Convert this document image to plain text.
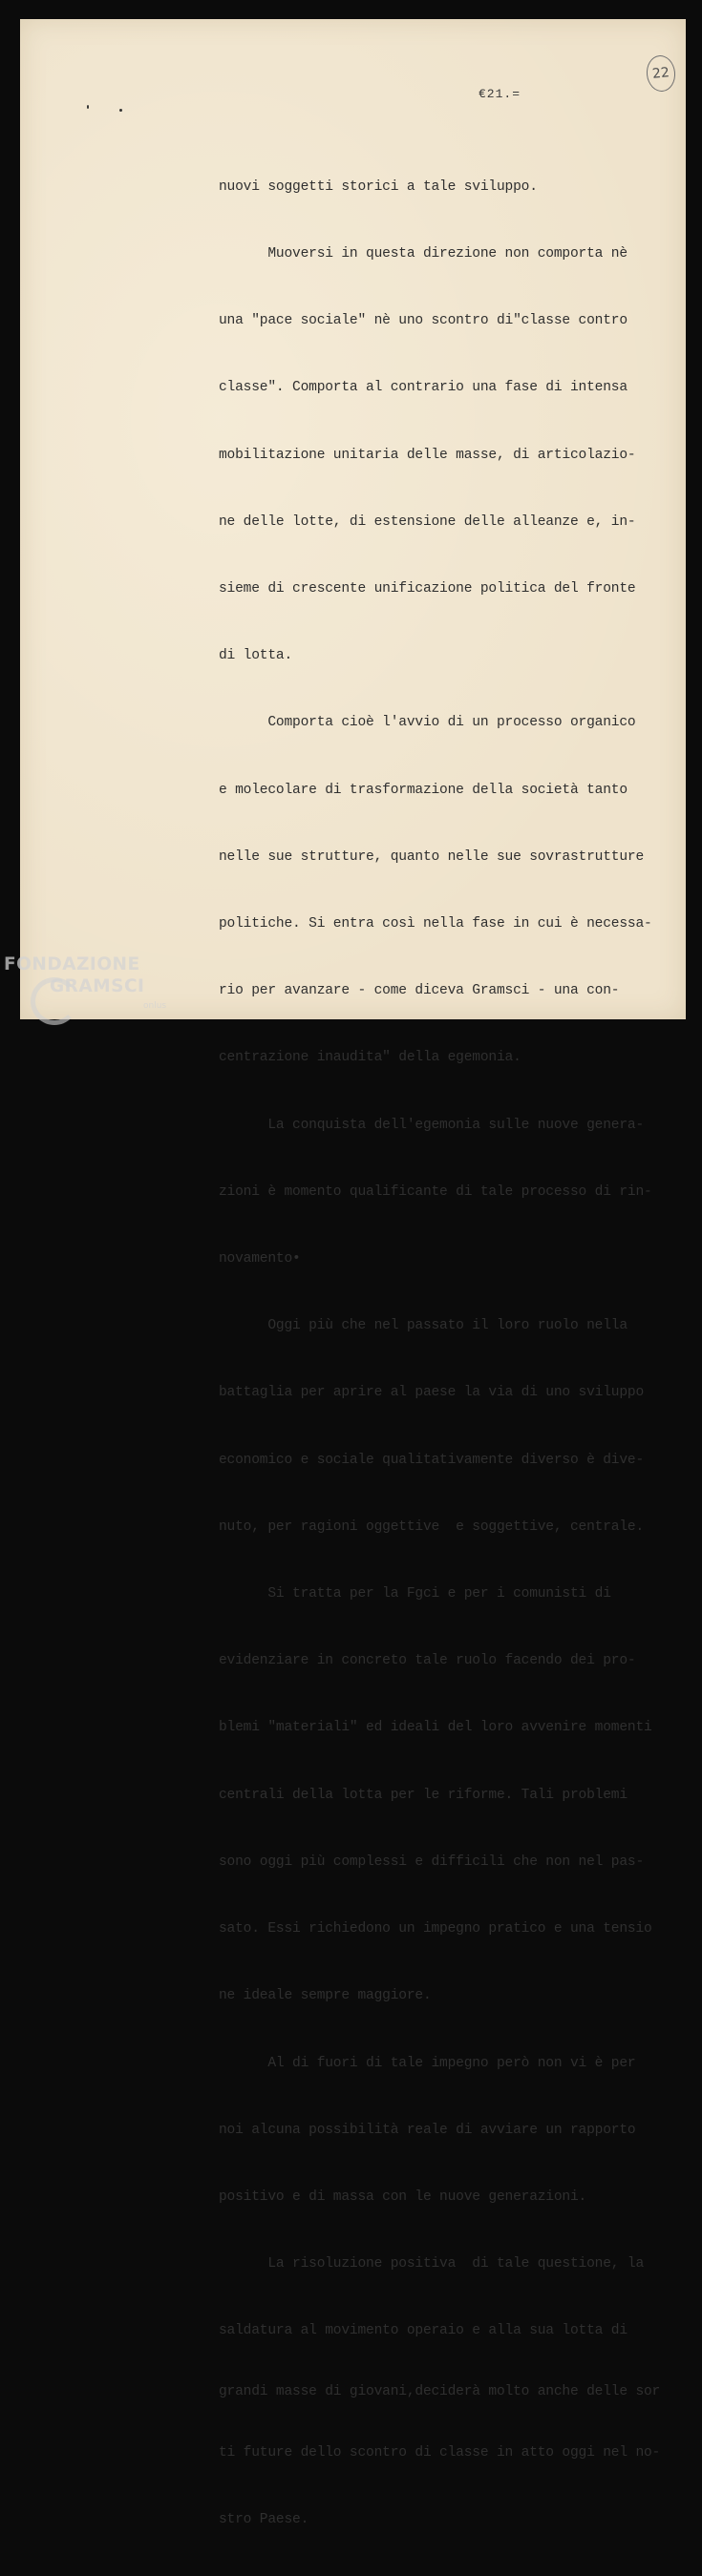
€21.=
22

nuovi soggetti storici a tale sviluppo.

Muoversi in questa direzione non comporta nè

una "pace sociale" nè uno scontro di"classe contro

classe". Comporta al contrario una fase di intensa

mobilitazione unitaria delle masse, di articolazio-

ne delle lotte, di estensione delle alleanze e, in-

sieme di crescente unificazione politica del fronte

di lotta.

Comporta cioè l'avvio di un processo organico

e molecolare di trasformazione della società tanto

nelle sue strutture, quanto nelle sue sovrastrutture

politiche. Si entra così nella fase in cui è necessa-

rio per avanzare - come diceva Gramsci - una con-

centrazione inaudita" della egemonia.

La conquista dell'egemonia sulle nuove genera-

zioni è momento qualificante di tale processo di rin-

novamento•

Oggi più che nel passato il loro ruolo nella

battaglia per aprire al paese la via di uno sviluppo

economico e sociale qualitativamente diverso è dive-

nuto, per ragioni oggettive  e soggettive, centrale.

Si tratta per la Fgci e per i comunisti di

evidenziare in concreto tale ruolo facendo dei pro-

blemi "materiali" ed ideali del loro avvenire momenti

centrali della lotta per le riforme. Tali problemi

sono oggi più complessi e difficili che non nel pas-

sato. Essi richiedono un impegno pratico e una tensio

ne ideale sempre maggiore.

Al di fuori di tale impegno però non vi è per

noi alcuna possibilità reale di avviare un rapporto

positivo e di massa con le nuove generazioni.

La risoluzione positiva  di tale questione, la

saldatura al movimento operaio e alla sua lotta di

grandi masse di giovani,deciderà molto anche delle sor

ti future dello scontro di classe in atto oggi nel no-

stro Paese.

FONDAZIONE
GRAMSCI
onlus
